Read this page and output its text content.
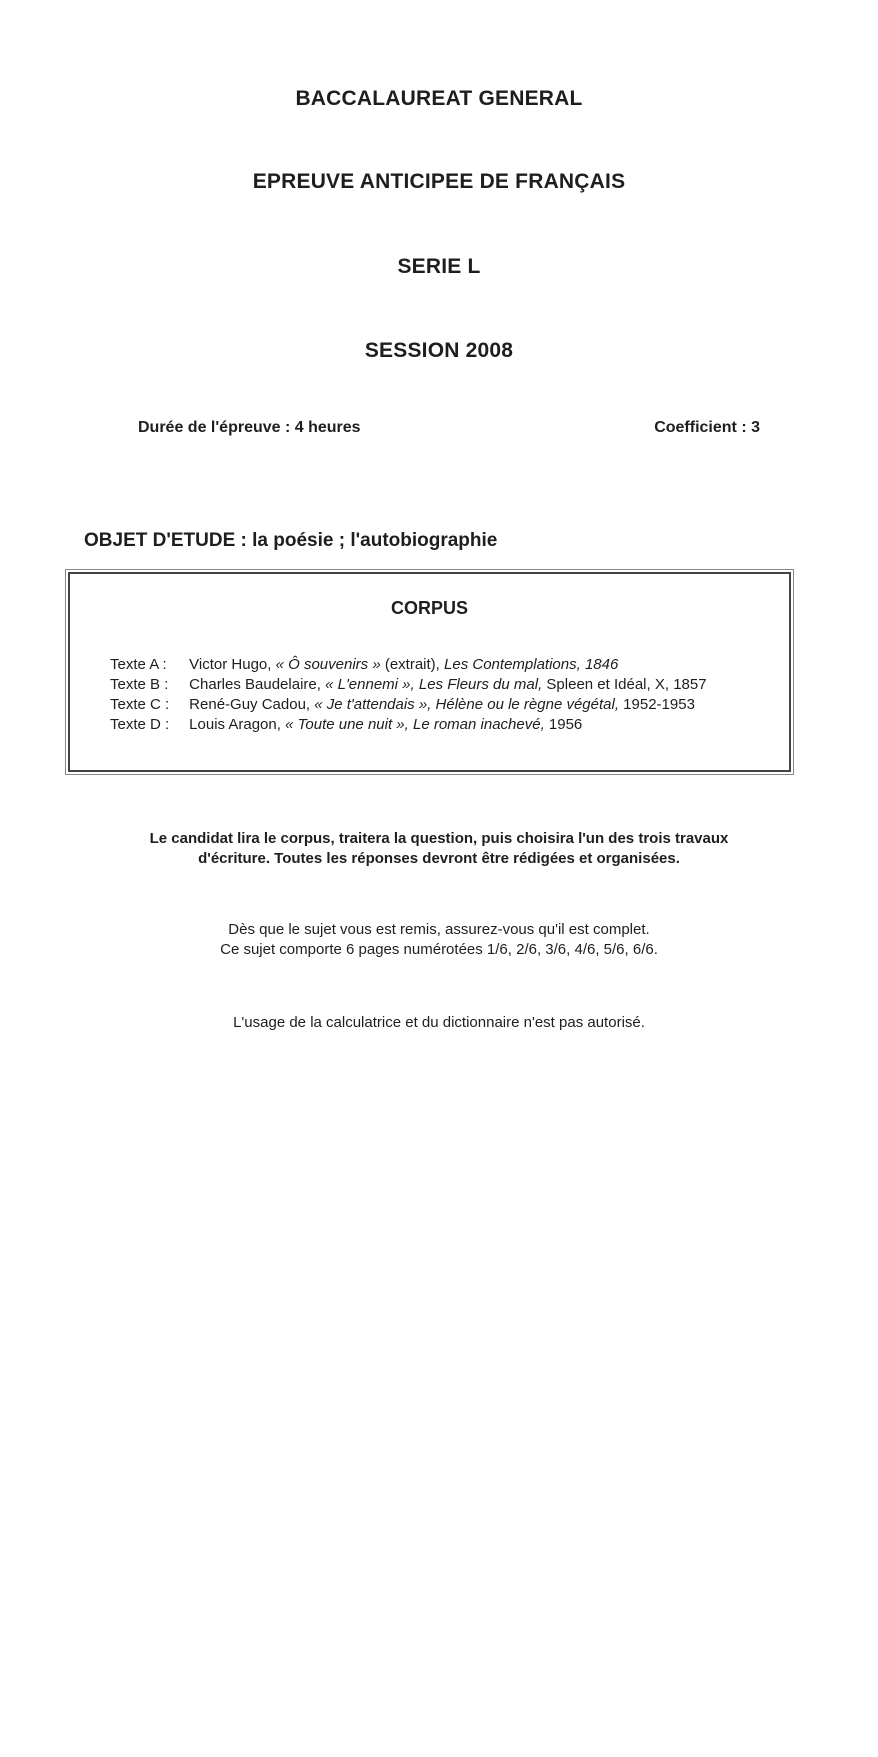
BACCALAUREAT GENERAL
EPREUVE ANTICIPEE DE FRANÇAIS
SERIE L
SESSION 2008
Durée de l'épreuve : 4 heures	Coefficient : 3
OBJET D'ETUDE : la poésie ; l'autobiographie
CORPUS
Texte A : Victor Hugo, « Ô souvenirs » (extrait), Les Contemplations, 1846
Texte B : Charles Baudelaire, « L'ennemi », Les Fleurs du mal, Spleen et Idéal, X, 1857
Texte C : René-Guy Cadou, « Je t'attendais », Hélène ou le règne végétal, 1952-1953
Texte D : Louis Aragon, « Toute une nuit », Le roman inachevé, 1956
Le candidat lira le corpus, traitera la question, puis choisira l'un des trois travaux
d'écriture. Toutes les réponses devront être rédigées et organisées.
Dès que le sujet vous est remis, assurez-vous qu'il est complet.
Ce sujet comporte 6 pages numérotées 1/6, 2/6, 3/6, 4/6, 5/6, 6/6.
L'usage de la calculatrice et du dictionnaire n'est pas autorisé.
